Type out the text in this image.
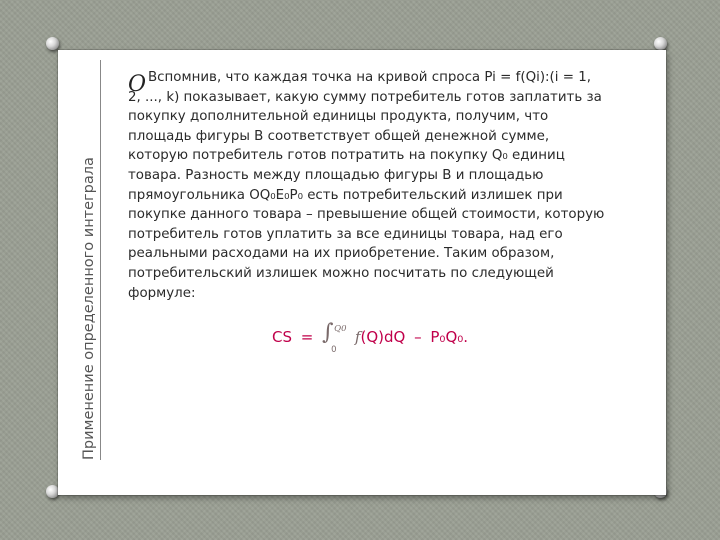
Применение определенного интеграла
O Вспомнив, что каждая точка на кривой спроса Pi = f(Qi):(i = 1, 2, ..., k) показывает, какую сумму потребитель готов заплатить за покупку дополнительной единицы продукта, получим, что площадь фигуры B соответствует общей денежной сумме, которую потребитель готов потратить на покупку Q₀ единиц товара. Разность между площадью фигуры B и площадью прямоугольника OQ₀E₀P₀ есть потребительский излишек при покупке данного товара – превышение общей стоимости, которую потребитель готов уплатить за все единицы товара, над его реальными расходами на их приобретение. Таким образом, потребительский излишек можно посчитать по следующей формуле:

CS = ∫ Q0
0
f(Q)dQ – P₀Q₀.
